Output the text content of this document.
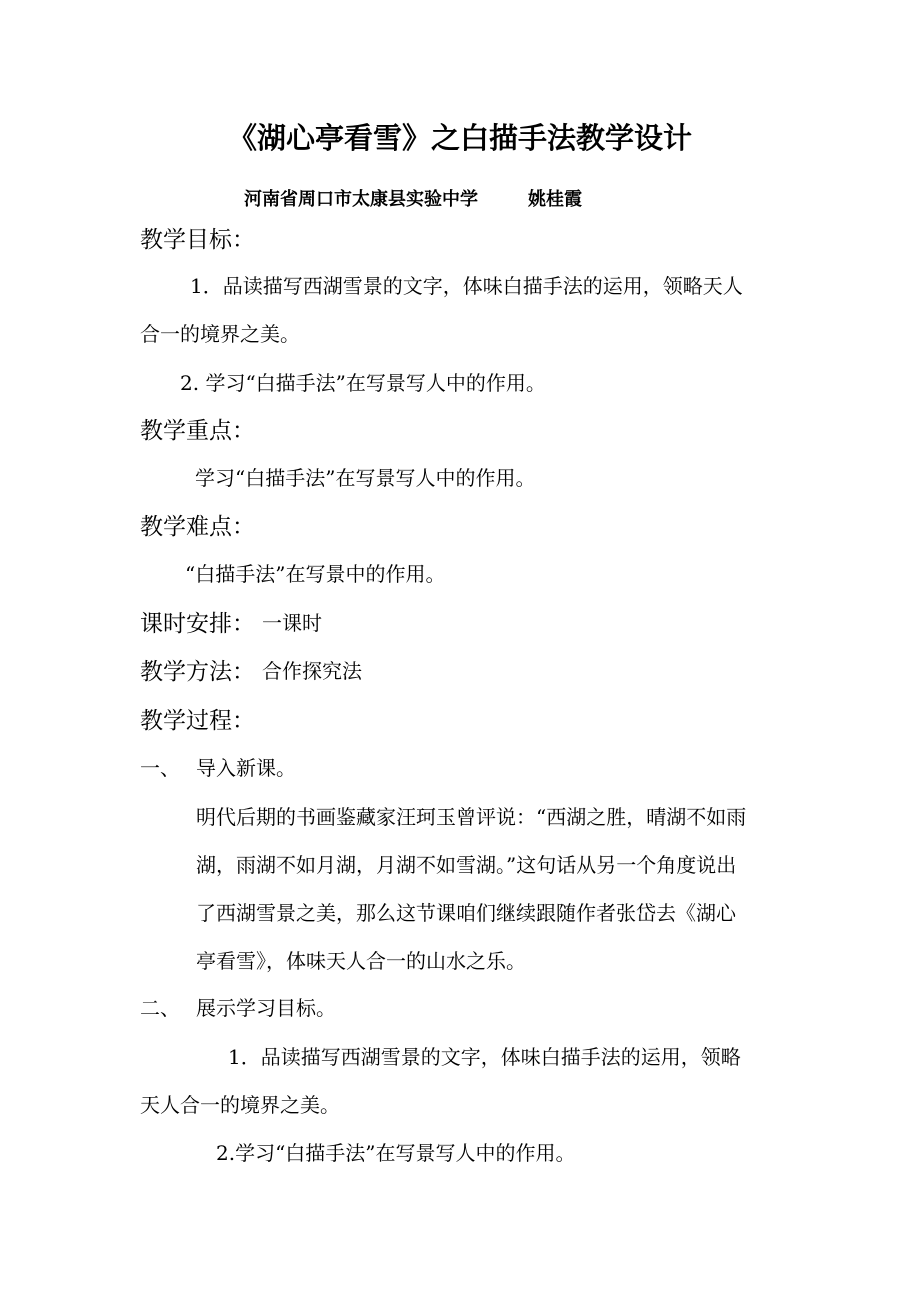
《湖心亭看雪》之白描手法教学设计
河南省周口市太康县实验中学	姚桂霞
教学目标：
1．品读描写西湖雪景的文字，体味白描手法的运用，领略天人
合一的境界之美。
2. 学习“白描手法”在写景写人中的作用。
教学重点：
学习“白描手法”在写景写人中的作用。
教学难点：
“白描手法”在写景中的作用。
课时安排： 一课时
教学方法： 合作探究法
教学过程：
一、 导入新课。
明代后期的书画鉴藏家汪珂玉曾评说：“西湖之胜，晴湖不如雨
湖，雨湖不如月湖，月湖不如雪湖。”这句话从另一个角度说出
了西湖雪景之美，那么这节课咱们继续跟随作者张岱去《湖心
亭看雪》，体味天人合一的山水之乐。
二、 展示学习目标。
1．品读描写西湖雪景的文字，体味白描手法的运用，领略
天人合一的境界之美。
2.学习“白描手法”在写景写人中的作用。
